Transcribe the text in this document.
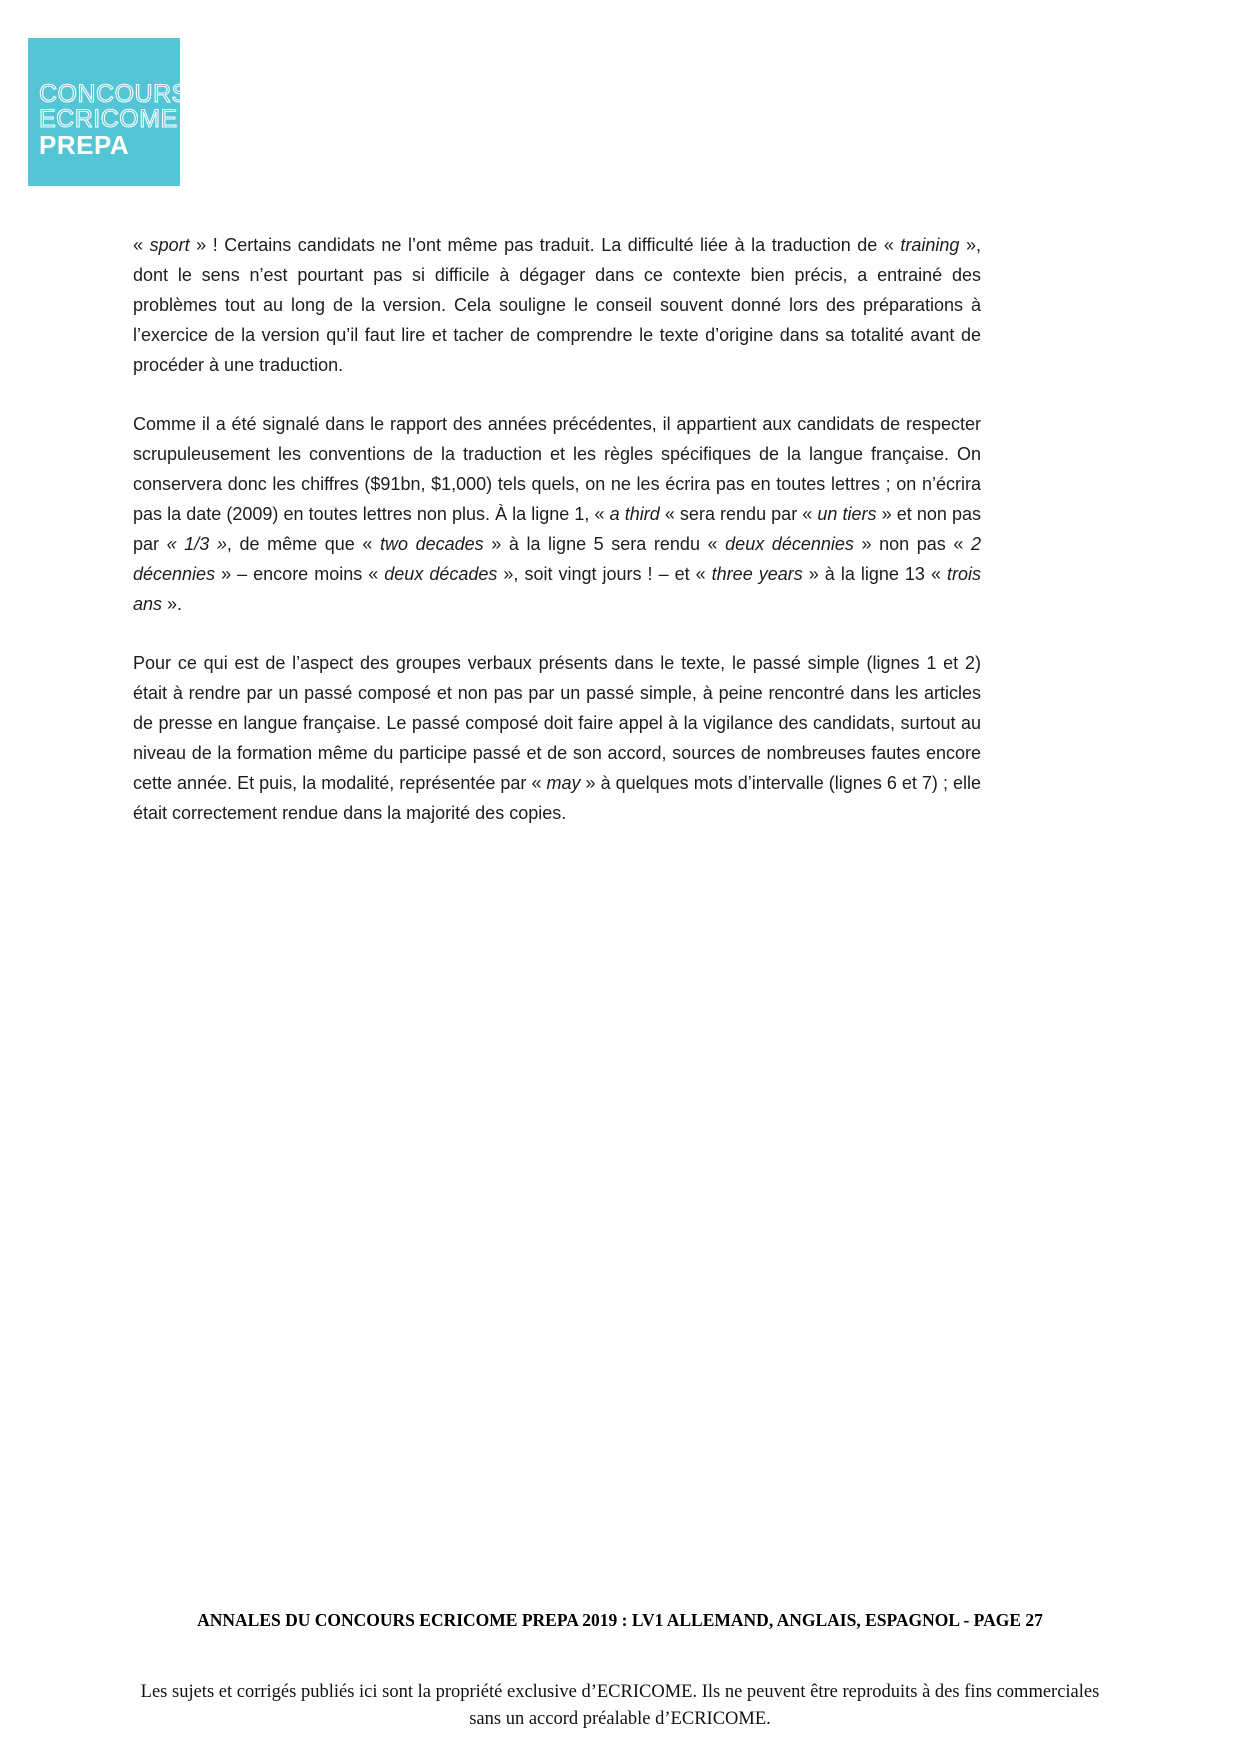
CONCOURS
ECRICOME
PREPA

« sport » ! Certains candidats ne l’ont même pas traduit. La difficulté liée à la traduction de « training », dont le sens n’est pourtant pas si difficile à dégager dans ce contexte bien précis, a entrainé des problèmes tout au long de la version. Cela souligne le conseil souvent donné lors des préparations à l’exercice de la version qu’il faut lire et tacher de comprendre le texte d’origine dans sa totalité avant de procéder à une traduction.

Comme il a été signalé dans le rapport des années précédentes, il appartient aux candidats de respecter scrupuleusement les conventions de la traduction et les règles spécifiques de la langue française. On conservera donc les chiffres ($91bn, $1,000) tels quels, on ne les écrira pas en toutes lettres ; on n’écrira pas la date (2009) en toutes lettres non plus. À la ligne 1, « a third « sera rendu par « un tiers » et non pas par « 1/3 », de même que « two decades » à la ligne 5 sera rendu « deux décennies » non pas « 2 décennies » – encore moins « deux décades », soit vingt jours ! – et « three years » à la ligne 13 « trois ans ».

Pour ce qui est de l’aspect des groupes verbaux présents dans le texte, le passé simple (lignes 1 et 2) était à rendre par un passé composé et non pas par un passé simple, à peine rencontré dans les articles de presse en langue française. Le passé composé doit faire appel à la vigilance des candidats, surtout au niveau de la formation même du participe passé et de son accord, sources de nombreuses fautes encore cette année. Et puis, la modalité, représentée par « may » à quelques mots d’intervalle (lignes 6 et 7) ; elle était correctement rendue dans la majorité des copies.

ANNALES DU CONCOURS ECRICOME PREPA 2019 : LV1 ALLEMAND, ANGLAIS, ESPAGNOL - PAGE 27
Les sujets et corrigés publiés ici sont la propriété exclusive d’ECRICOME. Ils ne peuvent être reproduits à des fins commerciales sans un accord préalable d’ECRICOME.
